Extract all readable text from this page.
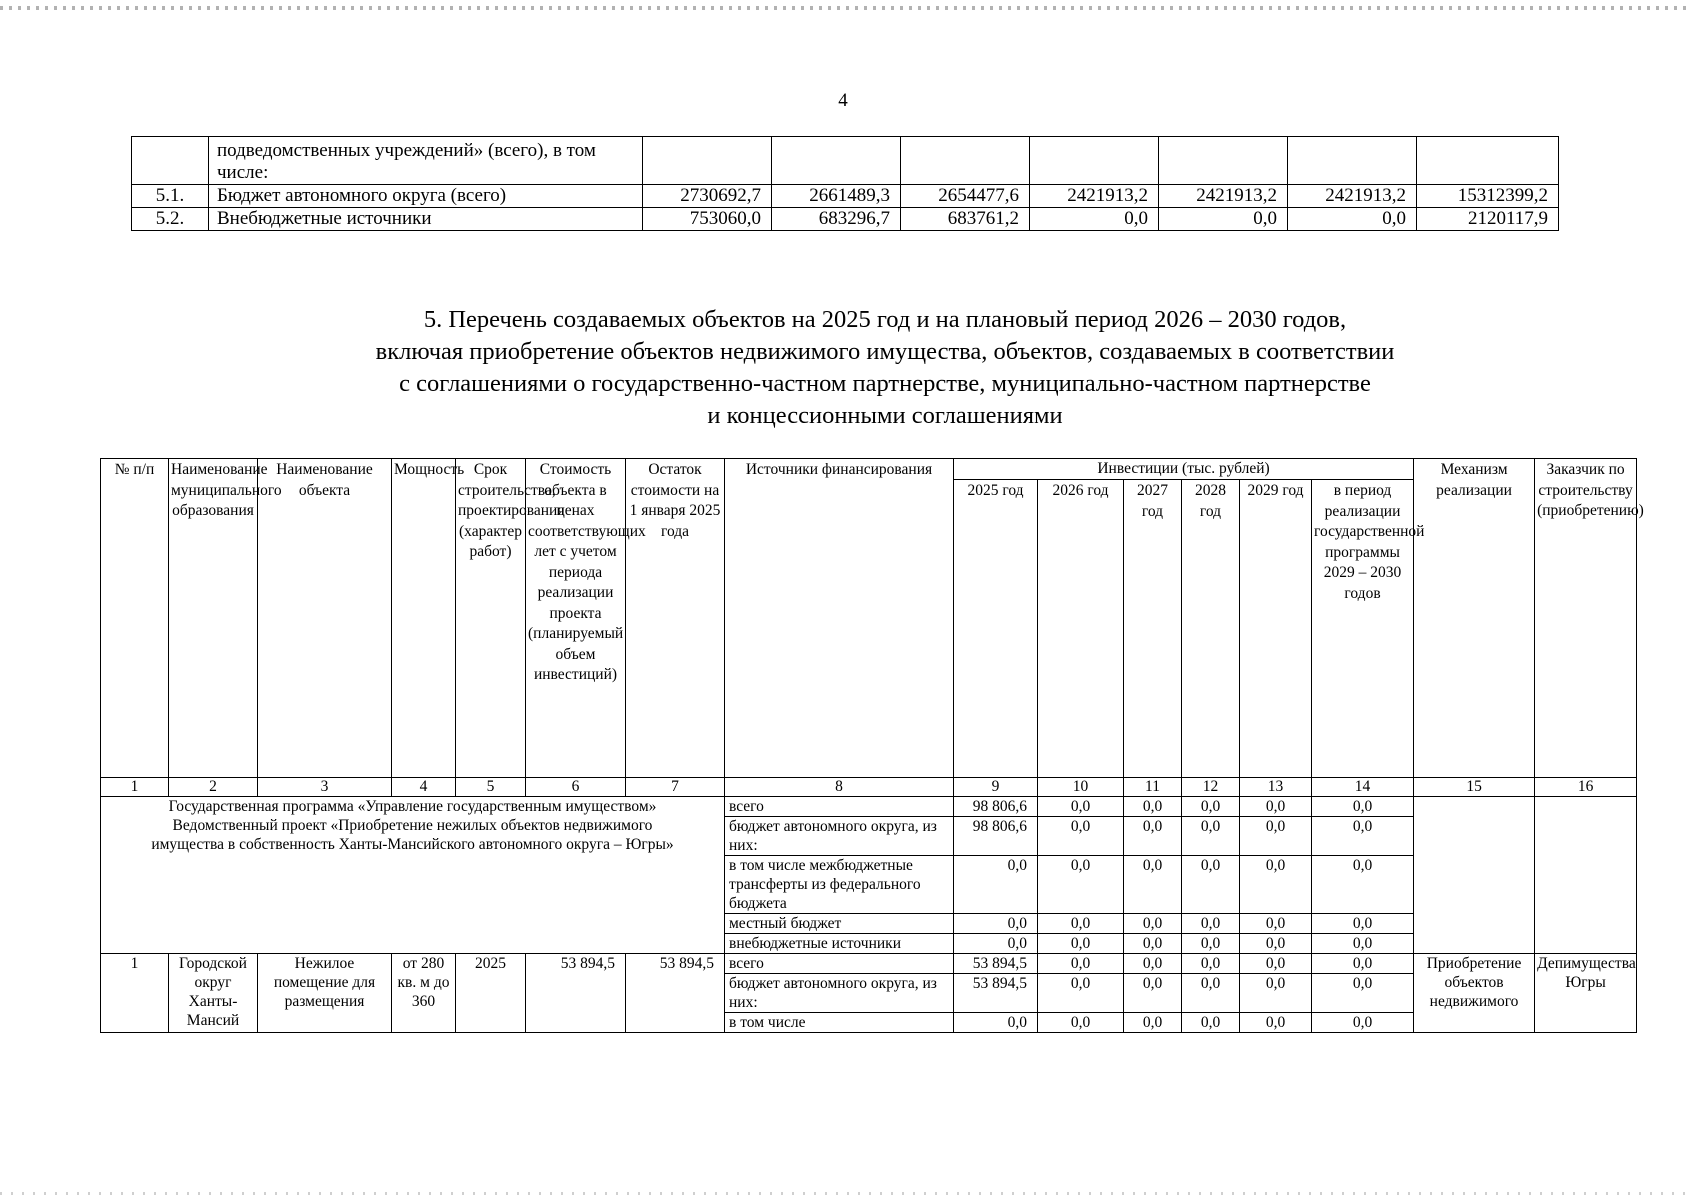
4
	подведомственных учреждений» (всего), в том числе:							
5.1.	Бюджет автономного округа (всего)	2730692,7	2661489,3	2654477,6	2421913,2	2421913,2	2421913,2	15312399,2
5.2.	Внебюджетные источники	753060,0	683296,7	683761,2	0,0	0,0	0,0	2120117,9
5. Перечень создаваемых объектов на 2025 год и на плановый период 2026 – 2030 годов,
включая приобретение объектов недвижимого имущества, объектов, создаваемых в соответствии
с соглашениями о государственно-частном партнерстве, муниципально-частном партнерстве
и концессионными соглашениями
№ п/п	Наименование муниципального образования	Наименование объекта	Мощность	Срок строительства, проектирования (характер работ)	Стоимость объекта в ценах соответствующих лет с учетом периода реализации проекта (планируемый объем инвестиций)	Остаток стоимости на 1 января 2025 года	Источники финансирования	Инвестиции (тыс. рублей)						Механизм реализации	Заказчик по строительству (приобретению)
								2025 год	2026 год	2027 год	2028 год	2029 год	в период реализации государственной программы 2029 – 2030 годов		
1	2	3	4	5	6	7	8	9	10	11	12	13	14	15	16

Государственная программа «Управление государственным имуществом»
Ведомственный проект «Приобретение нежилых объектов недвижимого имущества в собственность Ханты-Мансийского автономного округа – Югры»							всего	98 806,6	0,0	0,0	0,0	0,0	0,0		
							бюджет автономного округа, из них:	98 806,6	0,0	0,0	0,0	0,0	0,0		
							в том числе межбюджетные трансферты из федерального бюджета	0,0	0,0	0,0	0,0	0,0	0,0		
							местный бюджет	0,0	0,0	0,0	0,0	0,0	0,0		
							внебюджетные источники	0,0	0,0	0,0	0,0	0,0	0,0		
1	Городской округ Ханты-Мансий	Нежилое помещение для размещения	от 280 кв. м до 360	2025	53 894,5	53 894,5	всего	53 894,5	0,0	0,0	0,0	0,0	0,0	Приобретение объектов недвижимого	Депимущества Югры
							бюджет автономного округа, из них:	53 894,5	0,0	0,0	0,0	0,0	0,0		
							в том числе	0,0	0,0	0,0	0,0	0,0	0,0		
